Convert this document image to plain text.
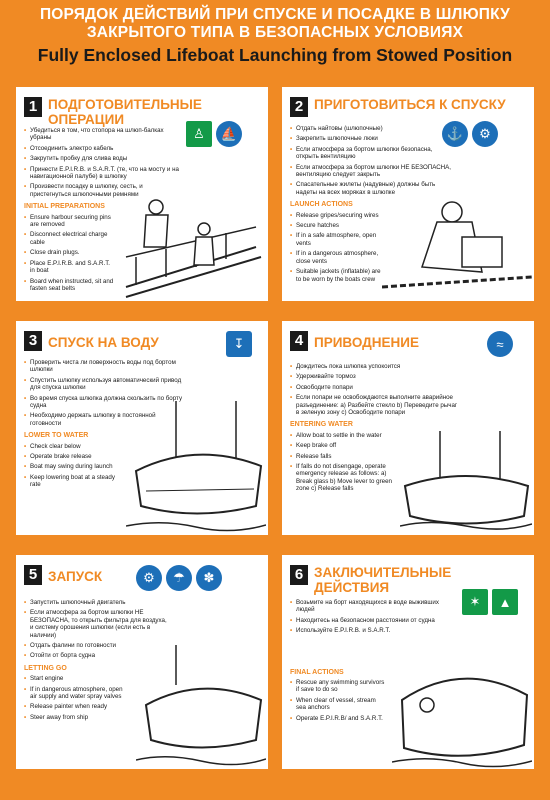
ПОРЯДОК ДЕЙСТВИЙ ПРИ СПУСКЕ И ПОСАДКЕ В ШЛЮПКУ
ЗАКРЫТОГО ТИПА В БЕЗОПАСНЫХ УСЛОВИЯХ
Fully Enclosed Lifeboat Launching from Stowed Position
1 ПОДГОТОВИТЕЛЬНЫЕ ОПЕРАЦИИ
♙	⛵
• Убедиться в том, что стопора на шлюп-балках убраны
• Отсоединить электро кабель
• Закрутить пробку для слива воды
• Принести E.P.I.R.B. и S.A.R.T. (те, что на мосту и на навигационной палубе) в шлюпку
• Произвести посадку в шлюпку, сесть, и пристегнуться шлюпочными ремнями
INITIAL PREPARATIONS
• Ensure harbour securing pins are removed
• Disconnect electrical charge cable
• Close drain plugs.
• Place E.P.I.R.B. and S.A.R.T. in boat
• Board when instructed, sit and fasten seat belts
2 ПРИГОТОВИТЬСЯ К СПУСКУ
⚓	⚙
• Отдать найтовы (шлюпочные)
• Закрепить шлюпочные люки
• Если атмосфера за бортом шлюпки безопасна, открыть вентиляцию
• Если атмосфера за бортом шлюпки НЕ БЕЗОПАСНА, вентиляцию следует закрыть
• Спасательные жилеты (надувные) должны быть надеты на всех моряках в шлюпке
LAUNCH ACTIONS
• Release gripes/securing wires
• Secure hatches
• If in a safe atmosphere, open vents
• If in a dangerous atmosphere, close vents
• Suitable jackets (inflatable) are to be worn by the boats crew
3 СПУСК НА ВОДУ	↧
• Проверить чиста ли поверхность воды под бортом шлюпки
• Спустить шлюпку используя автоматический привод для спуска шлюпки
• Во время спуска шлюпка должна скользить по борту судна
• Необходимо держать шлюпку в постоянной готовности
LOWER TO WATER
• Check clear below
• Operate brake release
• Boat may swing during launch
• Keep lowering boat at a steady rate
4 ПРИВОДНЕНИЕ	≈
• Дождитесь пока шлюпка успокоится
• Удерживайте тормоз
• Освободите попари
• Если попари не освобождаются выполните аварийное разъединение: а) Разбейте стекло b) Переведите рычаг в зеленую зону c) Освободите попари
ENTERING WATER
• Allow boat to settle in the water
• Keep brake off
• Release falls
• If falls do not disengage, operate emergency release as follows: a) Break glass b) Move lever to green zone c) Release falls
5 ЗАПУСК	⚙	☂	✽
• Запустить шлюпочный двигатель
• Если атмосфера за бортом шлюпки НЕ БЕЗОПАСНА, то открыть фильтра для воздуха, и систему орошения шлюпки (если есть в наличии)
• Отдать фалини по готовности
• Отойти от борта судна
LETTING GO
• Start engine
• If in dangerous atmosphere, open air supply and water spray valves
• Release painter when ready
• Steer away from ship
6 ЗАКЛЮЧИТЕЛЬНЫЕ ДЕЙСТВИЯ
✶	▲
• Возьмите на борт находящихся в воде выживших людей
• Находитесь на безопасном расстоянии от судна
• Используйте E.P.I.R.B. и S.A.R.T.
FINAL ACTIONS
• Rescue any swimming survivors if save to do so
• When clear of vessel, stream sea anchors
• Operate E.P.I.R.B/ and S.A.R.T.
